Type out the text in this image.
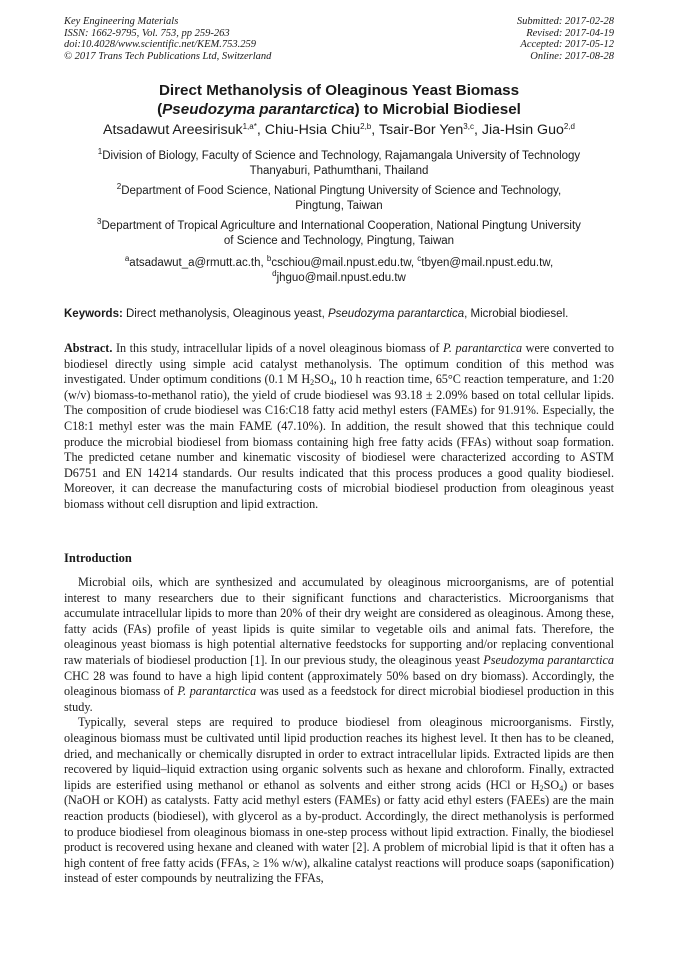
Key Engineering Materials
ISSN: 1662-9795, Vol. 753, pp 259-263
doi:10.4028/www.scientific.net/KEM.753.259
© 2017 Trans Tech Publications Ltd, Switzerland
Submitted: 2017-02-28
Revised: 2017-04-19
Accepted: 2017-05-12
Online: 2017-08-28
Direct Methanolysis of Oleaginous Yeast Biomass
(Pseudozyma parantarctica) to Microbial Biodiesel
Atsadawut Areesirisuk$^{1,a*}$, Chiu-Hsia Chiu$^{2,b}$, Tsair-Bor Yen$^{3,c}$, Jia-Hsin Guo$^{2,d}$
$^1$Division of Biology, Faculty of Science and Technology, Rajamangala University of Technology
Thanyaburi, Pathumthani, Thailand
$^2$Department of Food Science, National Pingtung University of Science and Technology,
Pingtung, Taiwan
$^3$Department of Tropical Agriculture and International Cooperation, National Pingtung University
of Science and Technology, Pingtung, Taiwan
$^a$atsadawut_a@rmutt.ac.th, $^b$cschiou@mail.npust.edu.tw, $^c$tbyen@mail.npust.edu.tw,
$^d$jhguo@mail.npust.edu.tw
Keywords: Direct methanolysis, Oleaginous yeast, Pseudozyma parantarctica, Microbial biodiesel.
Abstract. In this study, intracellular lipids of a novel oleaginous biomass of P. parantarctica were converted to biodiesel directly using simple acid catalyst methanolysis. The optimum condition of this method was investigated. Under optimum conditions (0.1 M $H_2SO_4$, 10 h reaction time, 65°C reaction temperature, and 1:20 (w/v) biomass-to-methanol ratio), the yield of crude biodiesel was 93.18 ± 2.09% based on total cellular lipids. The composition of crude biodiesel was C16:C18 fatty acid methyl esters (FAMEs) for 91.91%. Especially, the C18:1 methyl ester was the main FAME (47.10%). In addition, the result showed that this technique could produce the microbial biodiesel from biomass containing high free fatty acids (FFAs) without soap formation. The predicted cetane number and kinematic viscosity of biodiesel were characterized according to ASTM D6751 and EN 14214 standards. Our results indicated that this process produces a good quality biodiesel. Moreover, it can decrease the manufacturing costs of microbial biodiesel production from oleaginous yeast biomass without cell disruption and lipid extraction.
Introduction

Microbial oils, which are synthesized and accumulated by oleaginous microorganisms, are of potential interest to many researchers due to their significant functions and characteristics. Microorganisms that accumulate intracellular lipids to more than 20% of their dry weight are considered as oleaginous. Among these, fatty acids (FAs) profile of yeast lipids is quite similar to vegetable oils and animal fats. Therefore, the oleaginous yeast biomass is high potential alternative feedstocks for supporting and/or replacing conventional raw materials of biodiesel production [1]. In our previous study, the oleaginous yeast Pseudozyma parantarctica CHC 28 was found to have a high lipid content (approximately 50% based on dry biomass). Accordingly, the oleaginous biomass of P. parantarctica was used as a feedstock for direct microbial biodiesel production in this study.

Typically, several steps are required to produce biodiesel from oleaginous microorganisms. Firstly, oleaginous biomass must be cultivated until lipid production reaches its highest level. It then has to be cleaned, dried, and mechanically or chemically disrupted in order to extract intracellular lipids. Extracted lipids are then recovered by liquid–liquid extraction using organic solvents such as hexane and chloroform. Finally, extracted lipids are esterified using methanol or ethanol as solvents and either strong acids (HCl or $H_2SO_4$) or bases (NaOH or KOH) as catalysts. Fatty acid methyl esters (FAMEs) or fatty acid ethyl esters (FAEEs) are the main reaction products (biodiesel), with glycerol as a by-product. Accordingly, the direct methanolysis is performed to produce biodiesel from oleaginous biomass in one-step process without lipid extraction. Finally, the biodiesel product is recovered using hexane and cleaned with water [2]. A problem of microbial lipid is that it often has a high content of free fatty acids (FFAs, ≥ 1% w/w), alkaline catalyst reactions will produce soaps (saponification) instead of ester compounds by neutralizing the FFAs,
